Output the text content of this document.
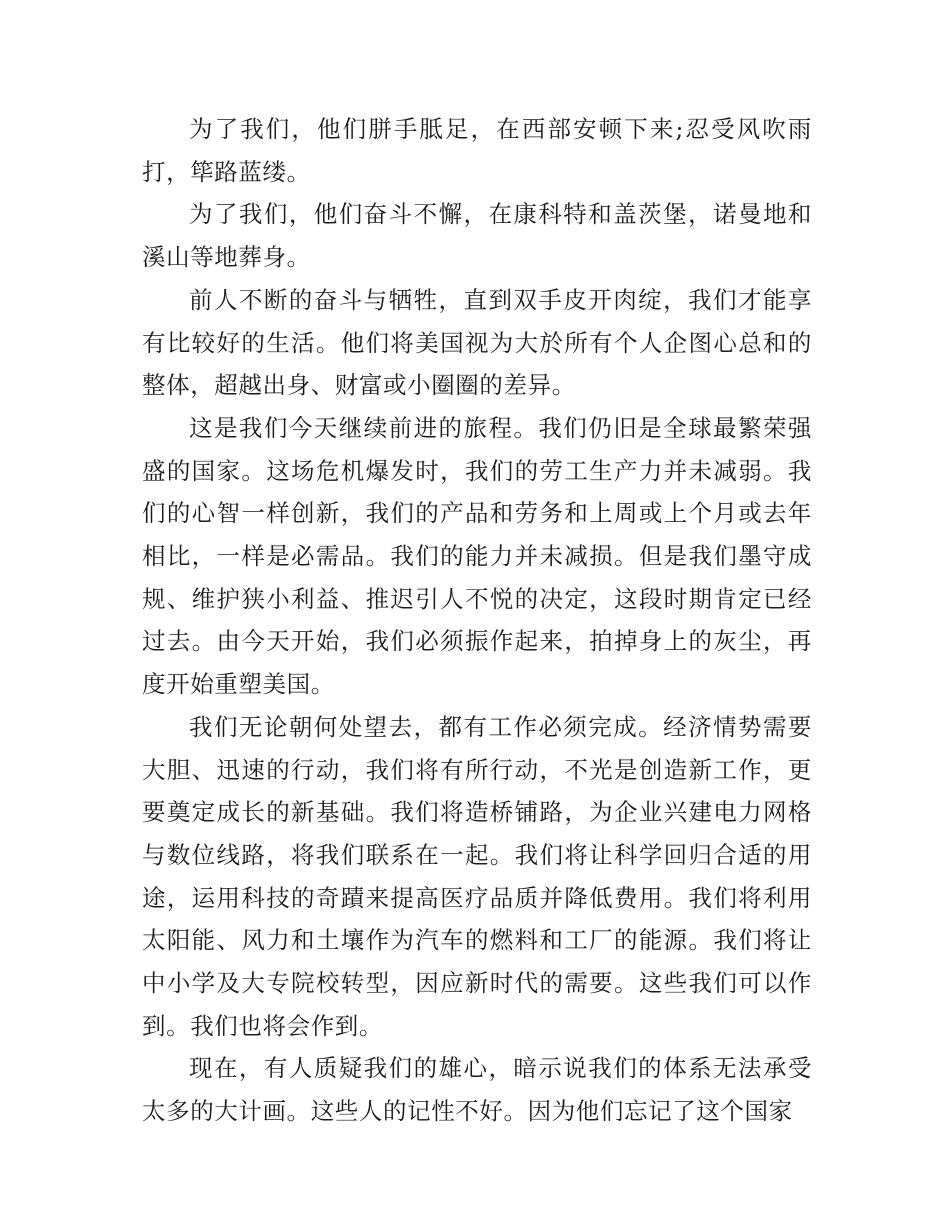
为了我们，他们胼手胝足，在西部安顿下来;忍受风吹雨打，筚路蓝缕。

为了我们，他们奋斗不懈，在康科特和盖茨堡，诺曼地和溪山等地葬身。

前人不断的奋斗与牺牲，直到双手皮开肉绽，我们才能享有比较好的生活。他们将美国视为大於所有个人企图心总和的整体，超越出身、财富或小圈圈的差异。

这是我们今天继续前进的旅程。我们仍旧是全球最繁荣强盛的国家。这场危机爆发时，我们的劳工生产力并未减弱。我们的心智一样创新，我们的产品和劳务和上周或上个月或去年相比，一样是必需品。我们的能力并未减损。但是我们墨守成规、维护狭小利益、推迟引人不悦的决定，这段时期肯定已经过去。由今天开始，我们必须振作起来，拍掉身上的灰尘，再度开始重塑美国。

我们无论朝何处望去，都有工作必须完成。经济情势需要大胆、迅速的行动，我们将有所行动，不光是创造新工作，更要奠定成长的新基础。我们将造桥铺路，为企业兴建电力网格与数位线路，将我们联系在一起。我们将让科学回归合适的用途，运用科技的奇蹟来提高医疗品质并降低费用。我们将利用太阳能、风力和土壤作为汽车的燃料和工厂的能源。我们将让中小学及大专院校转型，因应新时代的需要。这些我们可以作到。我们也将会作到。

现在，有人质疑我们的雄心，暗示说我们的体系无法承受太多的大计画。这些人的记性不好。因为他们忘记了这个国家
